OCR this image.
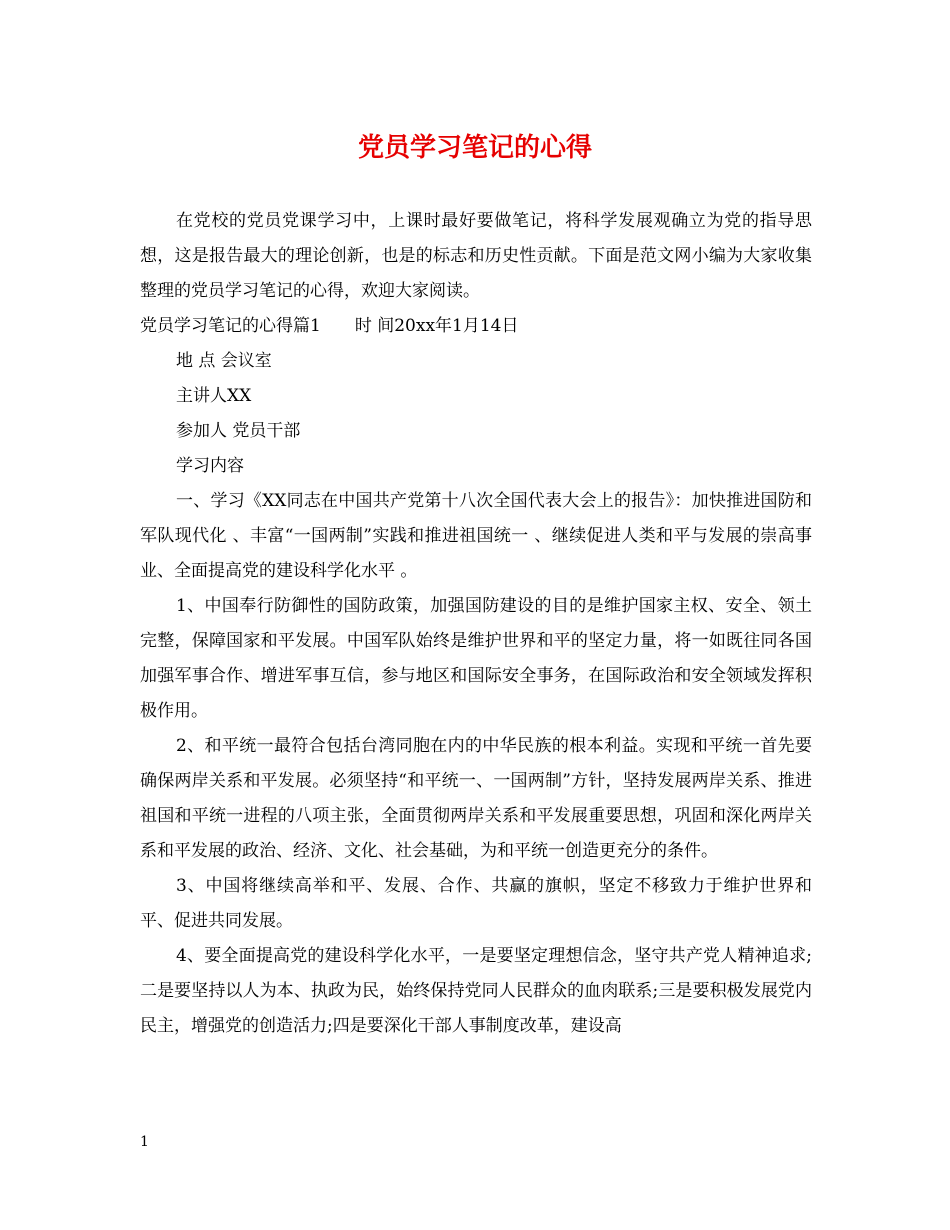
党员学习笔记的心得

在党校的党员党课学习中，上课时最好要做笔记，将科学发展观确立为党的指导思想，这是报告最大的理论创新，也是的标志和历史性贡献。下面是范文网小编为大家收集整理的党员学习笔记的心得，欢迎大家阅读。

党员学习笔记的心得篇1　　时 间20xx年1月14日

地 点 会议室

主讲人XX

参加人 党员干部

学习内容

一、学习《XX同志在中国共产党第十八次全国代表大会上的报告》：加快推进国防和军队现代化 、丰富“一国两制”实践和推进祖国统一 、继续促进人类和平与发展的崇高事业、全面提高党的建设科学化水平 。

1、中国奉行防御性的国防政策，加强国防建设的目的是维护国家主权、安全、领土完整，保障国家和平发展。中国军队始终是维护世界和平的坚定力量，将一如既往同各国加强军事合作、增进军事互信，参与地区和国际安全事务，在国际政治和安全领域发挥积极作用。

2、和平统一最符合包括台湾同胞在内的中华民族的根本利益。实现和平统一首先要确保两岸关系和平发展。必须坚持“和平统一、一国两制”方针，坚持发展两岸关系、推进祖国和平统一进程的八项主张，全面贯彻两岸关系和平发展重要思想，巩固和深化两岸关系和平发展的政治、经济、文化、社会基础，为和平统一创造更充分的条件。

3、中国将继续高举和平、发展、合作、共赢的旗帜，坚定不移致力于维护世界和平、促进共同发展。

4、要全面提高党的建设科学化水平，一是要坚定理想信念，坚守共产党人精神追求;二是要坚持以人为本、执政为民，始终保持党同人民群众的血肉联系;三是要积极发展党内民主，增强党的创造活力;四是要深化干部人事制度改革，建设高

1
